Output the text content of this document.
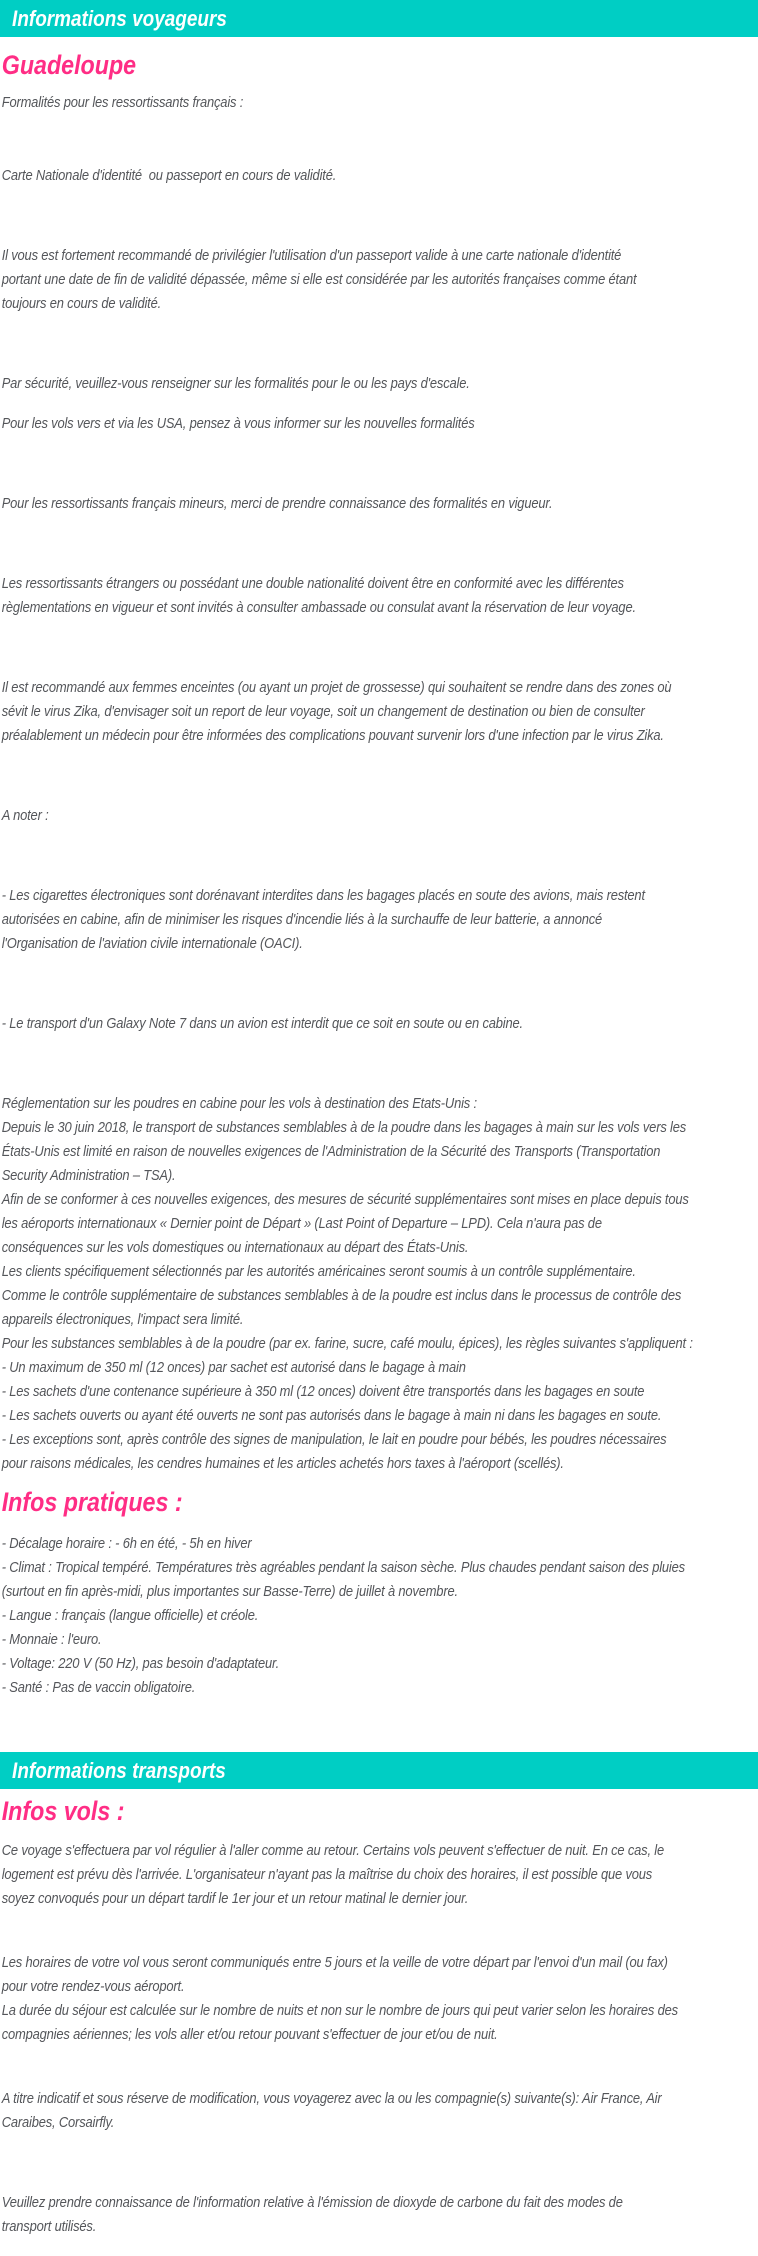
Informations voyageurs
Guadeloupe
Formalités pour les ressortissants français :
Carte Nationale d'identité  ou passeport en cours de validité.
Il vous est fortement recommandé de privilégier l'utilisation d'un passeport valide à une carte nationale d'identité
portant une date de fin de validité dépassée, même si elle est considérée par les autorités françaises comme étant
toujours en cours de validité.
Par sécurité, veuillez-vous renseigner sur les formalités pour le ou les pays d'escale.
Pour les vols vers et via les USA, pensez à vous informer sur les nouvelles formalités
Pour les ressortissants français mineurs, merci de prendre connaissance des formalités en vigueur.
Les ressortissants étrangers ou possédant une double nationalité doivent être en conformité avec les différentes
règlementations en vigueur et sont invités à consulter ambassade ou consulat avant la réservation de leur voyage.
Il est recommandé aux femmes enceintes (ou ayant un projet de grossesse) qui souhaitent se rendre dans des zones où
sévit le virus Zika, d'envisager soit un report de leur voyage, soit un changement de destination ou bien de consulter
préalablement un médecin pour être informées des complications pouvant survenir lors d'une infection par le virus Zika.
A noter :
- Les cigarettes électroniques sont dorénavant interdites dans les bagages placés en soute des avions, mais restent
autorisées en cabine, afin de minimiser les risques d'incendie liés à la surchauffe de leur batterie, a annoncé
l'Organisation de l'aviation civile internationale (OACI).
- Le transport d'un Galaxy Note 7 dans un avion est interdit que ce soit en soute ou en cabine.
Réglementation sur les poudres en cabine pour les vols à destination des Etats-Unis :
Depuis le 30 juin 2018, le transport de substances semblables à de la poudre dans les bagages à main sur les vols vers les
États-Unis est limité en raison de nouvelles exigences de l'Administration de la Sécurité des Transports (Transportation
Security Administration – TSA).
Afin de se conformer à ces nouvelles exigences, des mesures de sécurité supplémentaires sont mises en place depuis tous
les aéroports internationaux « Dernier point de Départ » (Last Point of Departure – LPD). Cela n'aura pas de
conséquences sur les vols domestiques ou internationaux au départ des États-Unis.
Les clients spécifiquement sélectionnés par les autorités américaines seront soumis à un contrôle supplémentaire.
Comme le contrôle supplémentaire de substances semblables à de la poudre est inclus dans le processus de contrôle des
appareils électroniques, l'impact sera limité.
Pour les substances semblables à de la poudre (par ex. farine, sucre, café moulu, épices), les règles suivantes s'appliquent :
- Un maximum de 350 ml (12 onces) par sachet est autorisé dans le bagage à main
- Les sachets d'une contenance supérieure à 350 ml (12 onces) doivent être transportés dans les bagages en soute
- Les sachets ouverts ou ayant été ouverts ne sont pas autorisés dans le bagage à main ni dans les bagages en soute.
- Les exceptions sont, après contrôle des signes de manipulation, le lait en poudre pour bébés, les poudres nécessaires
pour raisons médicales, les cendres humaines et les articles achetés hors taxes à l'aéroport (scellés).
Infos pratiques :
- Décalage horaire : - 6h en été, - 5h en hiver
- Climat : Tropical tempéré. Températures très agréables pendant la saison sèche. Plus chaudes pendant saison des pluies
(surtout en fin après-midi, plus importantes sur Basse-Terre) de juillet à novembre.
- Langue : français (langue officielle) et créole.
- Monnaie : l'euro.
- Voltage: 220 V (50 Hz), pas besoin d'adaptateur.
- Santé : Pas de vaccin obligatoire.
Informations transports
Infos vols :
Ce voyage s'effectuera par vol régulier à l'aller comme au retour. Certains vols peuvent s'effectuer de nuit. En ce cas, le
logement est prévu dès l'arrivée. L'organisateur n'ayant pas la maîtrise du choix des horaires, il est possible que vous
soyez convoqués pour un départ tardif le 1er jour et un retour matinal le dernier jour.
Les horaires de votre vol vous seront communiqués entre 5 jours et la veille de votre départ par l'envoi d'un mail (ou fax)
pour votre rendez-vous aéroport.
La durée du séjour est calculée sur le nombre de nuits et non sur le nombre de jours qui peut varier selon les horaires des
compagnies aériennes; les vols aller et/ou retour pouvant s'effectuer de jour et/ou de nuit.
A titre indicatif et sous réserve de modification, vous voyagerez avec la ou les compagnie(s) suivante(s): Air France, Air
Caraibes, Corsairfly.
Veuillez prendre connaissance de l'information relative à l'émission de dioxyde de carbone du fait des modes de
transport utilisés.
